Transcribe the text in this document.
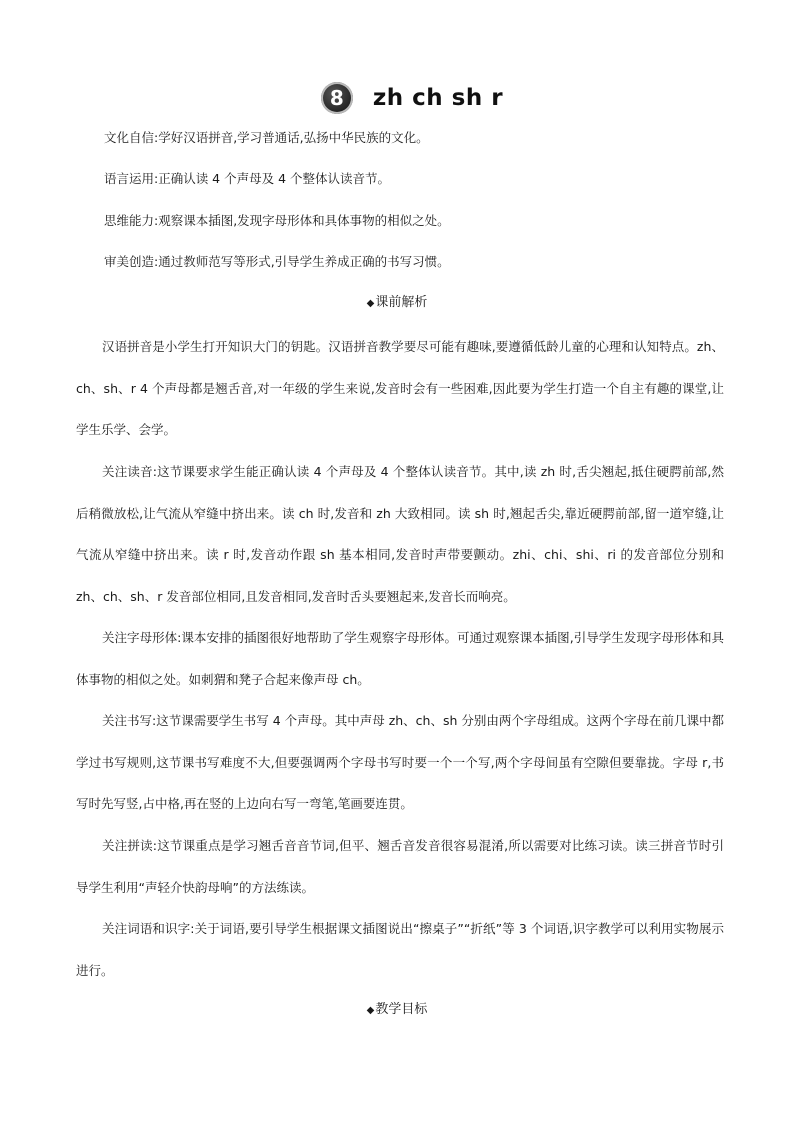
8	zh ch sh r
文化自信:学好汉语拼音,学习普通话,弘扬中华民族的文化。
语言运用:正确认读 4 个声母及 4 个整体认读音节。
思维能力:观察课本插图,发现字母形体和具体事物的相似之处。
审美创造:通过教师范写等形式,引导学生养成正确的书写习惯。
◆课前解析
汉语拼音是小学生打开知识大门的钥匙。汉语拼音教学要尽可能有趣味,要遵循低龄儿童的心理和认知特点。zh、ch、sh、r 4 个声母都是翘舌音,对一年级的学生来说,发音时会有一些困难,因此要为学生打造一个自主有趣的课堂,让学生乐学、会学。
关注读音:这节课要求学生能正确认读 4 个声母及 4 个整体认读音节。其中,读 zh 时,舌尖翘起,抵住硬腭前部,然后稍微放松,让气流从窄缝中挤出来。读 ch 时,发音和 zh 大致相同。读 sh 时,翘起舌尖,靠近硬腭前部,留一道窄缝,让气流从窄缝中挤出来。读 r 时,发音动作跟 sh 基本相同,发音时声带要颤动。zhi、chi、shi、ri 的发音部位分别和 zh、ch、sh、r 发音部位相同,且发音相同,发音时舌头要翘起来,发音长而响亮。
关注字母形体:课本安排的插图很好地帮助了学生观察字母形体。可通过观察课本插图,引导学生发现字母形体和具体事物的相似之处。如刺猬和凳子合起来像声母 ch。
关注书写:这节课需要学生书写 4 个声母。其中声母 zh、ch、sh 分别由两个字母组成。这两个字母在前几课中都学过书写规则,这节课书写难度不大,但要强调两个字母书写时要一个一个写,两个字母间虽有空隙但要靠拢。字母 r,书写时先写竖,占中格,再在竖的上边向右写一弯笔,笔画要连贯。
关注拼读:这节课重点是学习翘舌音音节词,但平、翘舌音发音很容易混淆,所以需要对比练习读。读三拼音节时引导学生利用“声轻介快韵母响”的方法练读。
关注词语和识字:关于词语,要引导学生根据课文插图说出“擦桌子”“折纸”等 3 个词语,识字教学可以利用实物展示进行。
◆教学目标
